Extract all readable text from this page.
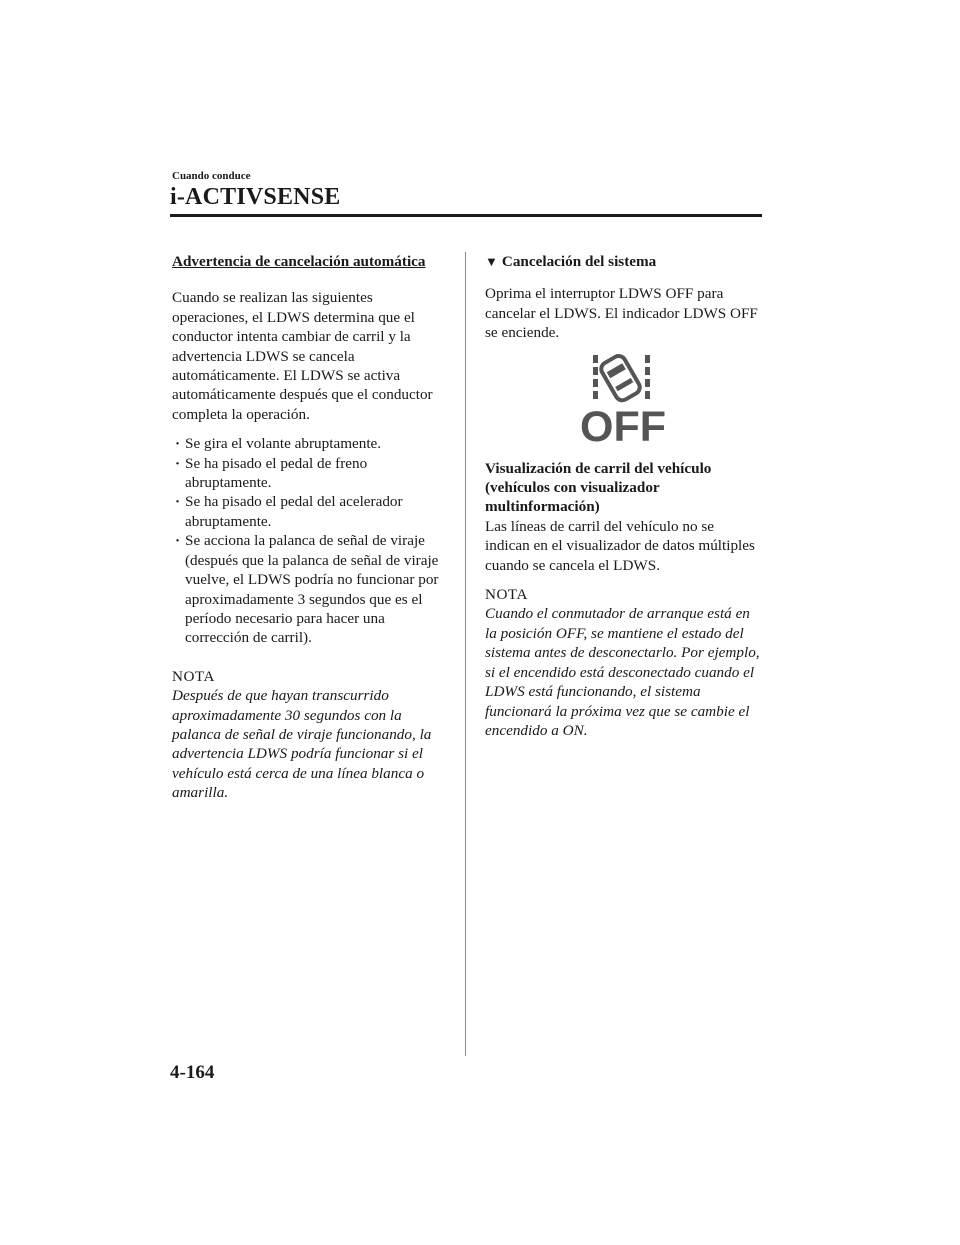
Cuando conduce
i-ACTIVSENSE
Advertencia de cancelación automática

Cuando se realizan las siguientes operaciones, el LDWS determina que el conductor intenta cambiar de carril y la advertencia LDWS se cancela automáticamente. El LDWS se activa automáticamente después que el conductor completa la operación.

· Se gira el volante abruptamente.
· Se ha pisado el pedal de freno abruptamente.
· Se ha pisado el pedal del acelerador abruptamente.
· Se acciona la palanca de señal de viraje (después que la palanca de señal de viraje vuelve, el LDWS podría no funcionar por aproximadamente 3 segundos que es el período necesario para hacer una corrección de carril).
NOTA

Después de que hayan transcurrido aproximadamente 30 segundos con la palanca de señal de viraje funcionando, la advertencia LDWS podría funcionar si el vehículo está cerca de una línea blanca o amarilla.

▼ Cancelación del sistema

Oprima el interruptor LDWS OFF para cancelar el LDWS. El indicador LDWS OFF se enciende.

OFF
Visualización de carril del vehículo (vehículos con visualizador multinformación)

Las líneas de carril del vehículo no se indican en el visualizador de datos múltiples cuando se cancela el LDWS.

NOTA

Cuando el conmutador de arranque está en la posición OFF, se mantiene el estado del sistema antes de desconectarlo. Por ejemplo, si el encendido está desconectado cuando el LDWS está funcionando, el sistema funcionará la próxima vez que se cambie el encendido a ON.

4-164
